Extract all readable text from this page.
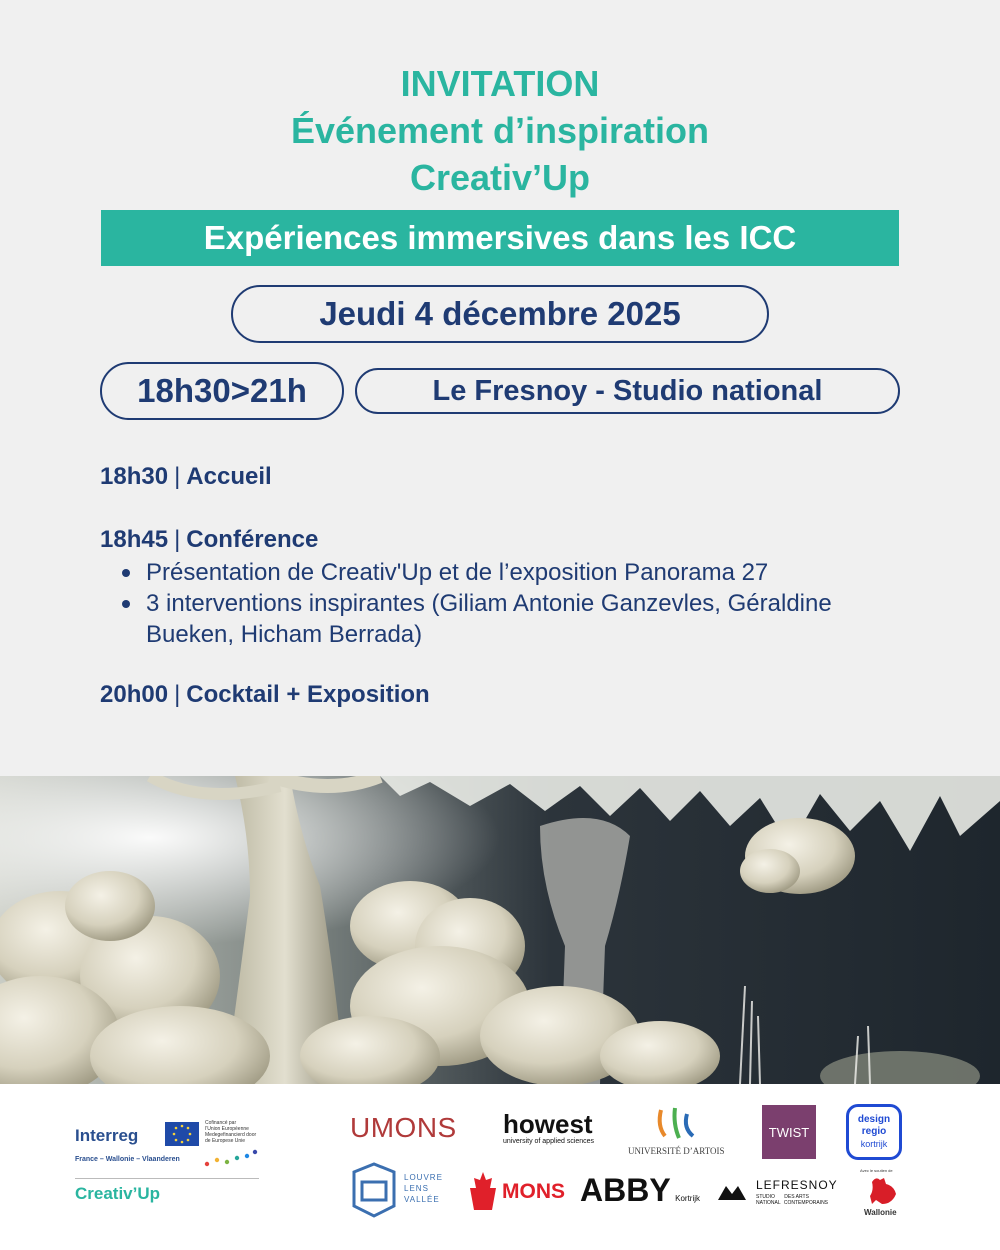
INVITATION
Événement d’inspiration
Creativ’Up
Expériences immersives dans les ICC
Jeudi 4 décembre 2025
18h30>21h	Le Fresnoy - Studio national
18h30 | Accueil
18h45 | Conférence
Présentation de Creativ'Up et de l’exposition Panorama 27
3 interventions inspirantes (Giliam Antonie Ganzevles, Géraldine Bueken, Hicham Berrada)
20h00 | Cocktail + Exposition
Interreg
Cofinancé par
l’Union Européenne
Medegefinancierd door
de Europese Unie
France – Wallonie – Vlaanderen
Creativ’Up
UMONS howest
university of applied sciences
UNIVERSITÉ D’ARTOIS
TWIST
design
regio
kortrijk
LOUVRE
LENS
VALLÉE	MONS ABBY Kortrijk
LEFRESNOY
STUDIO DES ARTS
NATIONAL CONTEMPORAINS
Avec le soutien de
Wallonie
